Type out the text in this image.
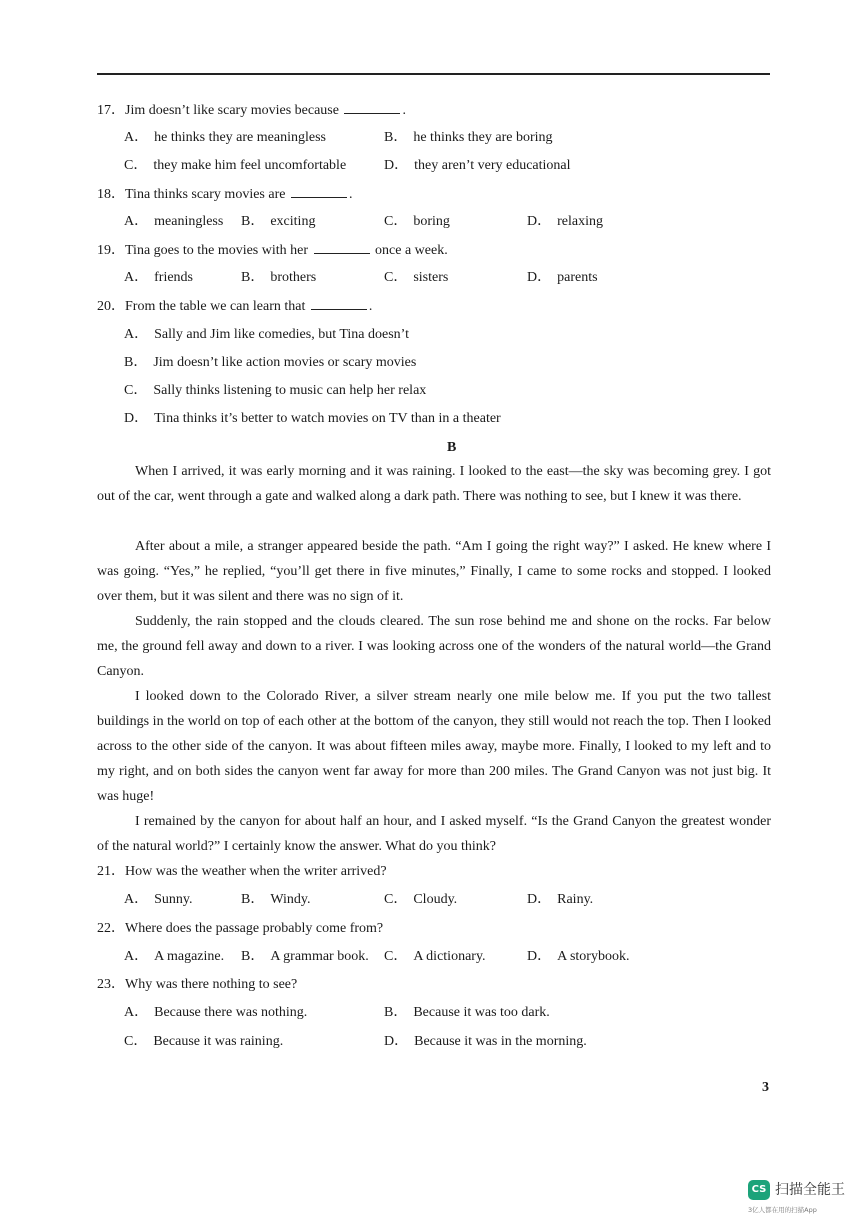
17．Jim doesn’t like scary movies because	.
A． he thinks they are meaningless	B． he thinks they are boring
C． they make him feel uncomfortable	D． they aren’t very educational
18．Tina thinks scary movies are	.
A． meaningless B． exciting	C． boring	D． relaxing
19．Tina goes to the movies with her	once a week.
A． friends	B． brothers	C． sisters	D． parents
20．From the table we can learn that	.
A． Sally and Jim like comedies, but Tina doesn’t
B． Jim doesn’t like action movies or scary movies
C． Sally thinks listening to music can help her relax
D． Tina thinks it’s better to watch movies on TV than in a theater
B

When I arrived, it was early morning and it was raining. I looked to the east—the sky was becoming grey. I got out of the car, went through a gate and walked along a dark path. There was nothing to see, but I knew it was there.

After about a mile, a stranger appeared beside the path. “Am I going the right way?” I asked. He knew where I was going. “Yes,” he replied, “you’ll get there in five minutes,” Finally, I came to some rocks and stopped. I looked over them, but it was silent and there was no sign of it.

Suddenly, the rain stopped and the clouds cleared. The sun rose behind me and shone on the rocks. Far below me, the ground fell away and down to a river. I was looking across one of the wonders of the natural world—the Grand Canyon.

I looked down to the Colorado River, a silver stream nearly one mile below me. If you put the two tallest buildings in the world on top of each other at the bottom of the canyon, they still would not reach the top. Then I looked across to the other side of the canyon. It was about fifteen miles away, maybe more. Finally, I looked to my left and to my right, and on both sides the canyon went far away for more than 200 miles. The Grand Canyon was not just big. It was huge!

I remained by the canyon for about half an hour, and I asked myself. “Is the Grand Canyon the greatest wonder of the natural world?” I certainly know the answer. What do you think?

21．How was the weather when the writer arrived?
A． Sunny.	B． Windy.	C． Cloudy.	D． Rainy.
22．Where does the passage probably come from?
A． A magazine. B． A grammar book. C． A dictionary.	D． A storybook.
23．Why was there nothing to see?
A． Because there was nothing.	B． Because it was too dark.
C． Because it was raining.	D． Because it was in the morning.
3
CS 扫描全能王
3亿人都在用的扫描App
